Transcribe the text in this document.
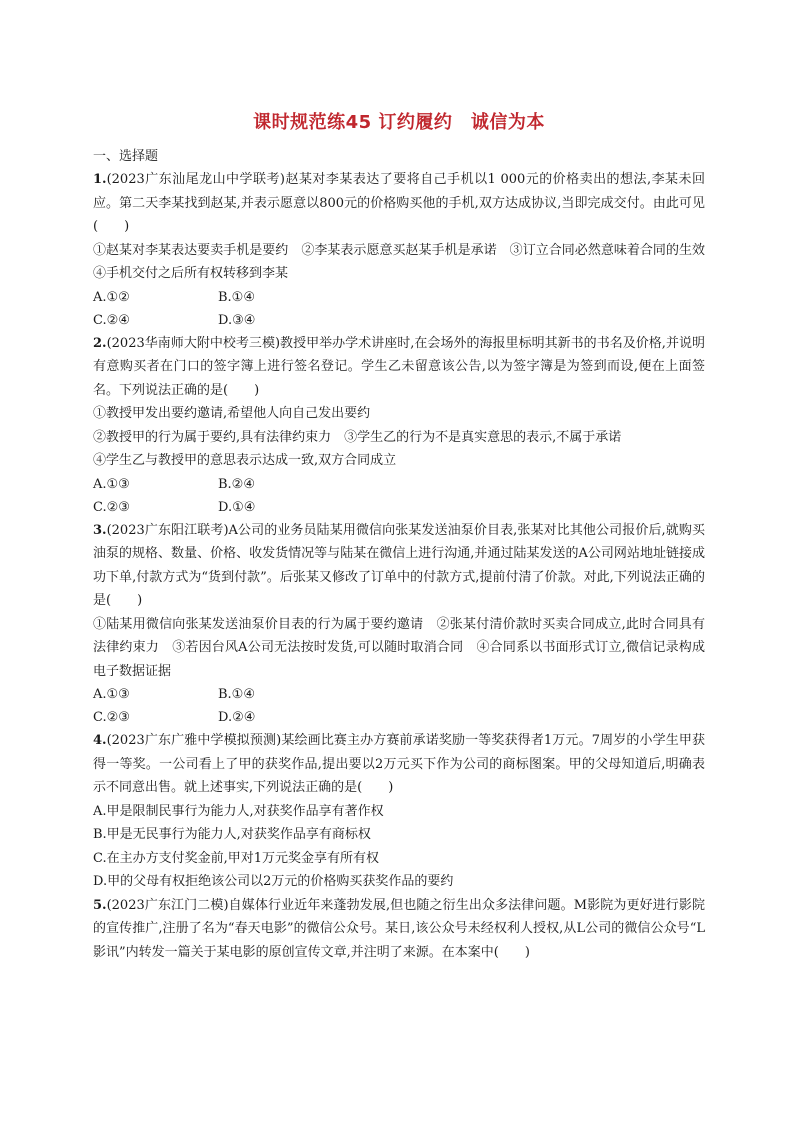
课时规范练45 订约履约　诚信为本

一、选择题

1.(2023广东汕尾龙山中学联考)赵某对李某表达了要将自己手机以1 000元的价格卖出的想法,李某未回应。第二天李某找到赵某,并表示愿意以800元的价格购买他的手机,双方达成协议,当即完成交付。由此可见(　　)

①赵某对李某表达要卖手机是要约　②李某表示愿意买赵某手机是承诺　③订立合同必然意味着合同的生效　④手机交付之后所有权转移到李某

A.①②	B.①④
C.②④	D.③④

2.(2023华南师大附中校考三模)教授甲举办学术讲座时,在会场外的海报里标明其新书的书名及价格,并说明有意购买者在门口的签字簿上进行签名登记。学生乙未留意该公告,以为签字簿是为签到而设,便在上面签名。下列说法正确的是(　　)

①教授甲发出要约邀请,希望他人向自己发出要约

②教授甲的行为属于要约,具有法律约束力　③学生乙的行为不是真实意思的表示,不属于承诺

④学生乙与教授甲的意思表示达成一致,双方合同成立

A.①③	B.②④
C.②③	D.①④

3.(2023广东阳江联考)A公司的业务员陆某用微信向张某发送油泵价目表,张某对比其他公司报价后,就购买油泵的规格、数量、价格、收发货情况等与陆某在微信上进行沟通,并通过陆某发送的A公司网站地址链接成功下单,付款方式为“货到付款”。后张某又修改了订单中的付款方式,提前付清了价款。对此,下列说法正确的是(　　)

①陆某用微信向张某发送油泵价目表的行为属于要约邀请　②张某付清价款时买卖合同成立,此时合同具有法律约束力　③若因台风A公司无法按时发货,可以随时取消合同　④合同系以书面形式订立,微信记录构成电子数据证据

A.①③	B.①④
C.②③	D.②④

4.(2023广东广雅中学模拟预测)某绘画比赛主办方赛前承诺奖励一等奖获得者1万元。7周岁的小学生甲获得一等奖。一公司看上了甲的获奖作品,提出要以2万元买下作为公司的商标图案。甲的父母知道后,明确表示不同意出售。就上述事实,下列说法正确的是(　　)

A.甲是限制民事行为能力人,对获奖作品享有著作权

B.甲是无民事行为能力人,对获奖作品享有商标权

C.在主办方支付奖金前,甲对1万元奖金享有所有权

D.甲的父母有权拒绝该公司以2万元的价格购买获奖作品的要约

5.(2023广东江门二模)自媒体行业近年来蓬勃发展,但也随之衍生出众多法律问题。M影院为更好进行影院的宣传推广,注册了名为“春天电影”的微信公众号。某日,该公众号未经权利人授权,从L公司的微信公众号“L影讯”内转发一篇关于某电影的原创宣传文章,并注明了来源。在本案中(　　)
